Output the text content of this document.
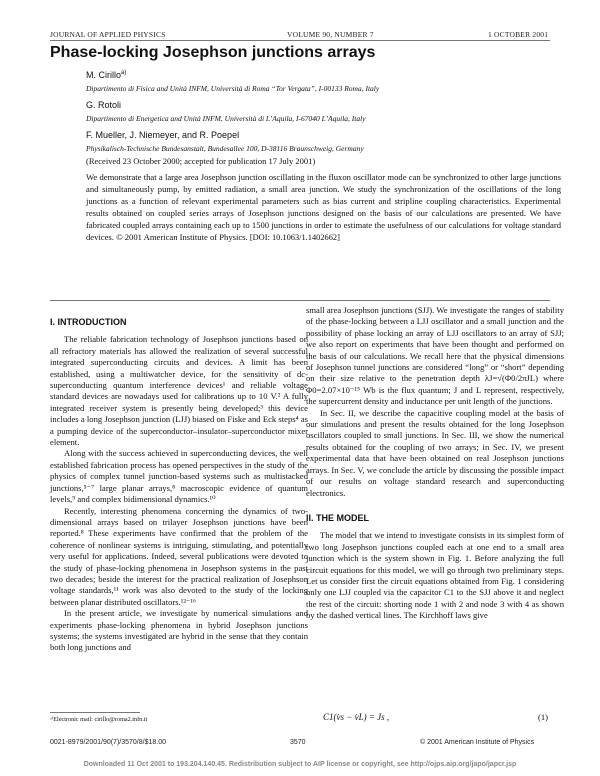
JOURNAL OF APPLIED PHYSICS	VOLUME 90, NUMBER 7	1 OCTOBER 2001
Phase-locking Josephson junctions arrays
M. Cirillo$^{a)}$
Dipartimento di Fisica and Unità INFM, Università di Roma “Tor Vergata”, I-00133 Roma, Italy
G. Rotoli
Dipartimento di Energetica and Unità INFM, Università di L’Aquila, I-67040 L’Aquila, Italy
F. Mueller, J. Niemeyer, and R. Poepel
Physikalisch-Technische Bundesanstalt, Bundesallee 100, D-38116 Braunschweig, Germany
(Received 23 October 2000; accepted for publication 17 July 2001)
We demonstrate that a large area Josephson junction oscillating in the fluxon oscillator mode can be synchronized to other large junctions and simultaneously pump, by emitted radiation, a small area junction. We study the synchronization of the oscillations of the long junctions as a function of relevant experimental parameters such as bias current and stripline coupling characteristics. Experimental results obtained on coupled series arrays of Josephson junctions designed on the basis of our calculations are presented. We have fabricated coupled arrays containing each up to 1500 junctions in order to estimate the usefulness of our calculations for voltage standard devices. © 2001 American Institute of Physics. [DOI: 10.1063/1.1402662]

I. INTRODUCTION

The reliable fabrication technology of Josephson junctions based on all refractory materials has allowed the realization of several successful integrated superconducting circuits and devices. A limit has been established, using a multiwatcher device, for the sensitivity of dc-superconducting quantum interference devices¹ and reliable voltage standard devices are nowadays used for calibrations up to 10 V.² A fully integrated receiver system is presently being developed;³ this device includes a long Josephson junction (LJJ) biased on Fiske and Eck steps⁴ as a pumping device of the superconductor–insulator–superconductor mixer element.

Along with the success achieved in superconducting devices, the well established fabrication process has opened perspectives in the study of the physics of complex tunnel junction-based systems such as multistacked junctions,⁵⁻⁷ large planar arrays,⁸ macroscopic evidence of quantum levels,⁹ and complex bidimensional dynamics.¹⁰

Recently, interesting phenomena concerning the dynamics of two-dimensional arrays based on trilayer Josephson junctions have been reported.⁸ These experiments have confirmed that the problem of the coherence of nonlinear systems is intriguing, stimulating, and potentially very useful for applications. Indeed, several publications were devoted to the study of phase-locking phenomena in Josephson systems in the past two decades; beside the interest for the practical realization of Josephson voltage standards,¹¹ work was also devoted to the study of the locking between planar distributed oscillators.¹²⁻¹⁶

In the present article, we investigate by numerical simulations and experiments phase-locking phenomena in hybrid Josephson junctions systems; the systems investigated are hybrid in the sense that they contain both long junctions and

ᵃ⁾Electronic mail: cirillo@roma2.infn.it

small area Josephson junctions (SJJ). We investigate the ranges of stability of the phase-locking between a LJJ oscillator and a small junction and the possibility of phase locking an array of LJJ oscillators to an array of SJJ; we also report on experiments that have been thought and performed on the basis of our calculations. We recall here that the physical dimensions of Josephson tunnel junctions are considered “long” or “short” depending on their size relative to the penetration depth λJ=√(Φ0/2πJL) where Φ0=2.07×10⁻¹⁵ Wb is the flux quantum; J and L represent, respectively, the supercurrent density and inductance per unit length of the junctions.

In Sec. II, we describe the capacitive coupling model at the basis of our simulations and present the results obtained for the long Josephson oscillators coupled to small junctions. In Sec. III, we show the numerical results obtained for the coupling of two arrays; in Sec. IV, we present experimental data that have been obtained on real Josephson junctions arrays. In Sec. V, we conclude the article by discussing the possible impact of our results on voltage standard research and superconducting electronics.

II. THE MODEL

The model that we intend to investigate consists in its simplest form of two long Josephson junctions coupled each at one end to a small area junction which is the system shown in Fig. 1. Before analyzing the full circuit equations for this model, we will go through two preliminary steps. Let us consider first the circuit equations obtained from Fig. 1 considering only one LJJ coupled via the capacitor C1 to the SJJ above it and neglect the rest of the circuit: shorting node 1 with 2 and node 3 with 4 as shown by the dashed vertical lines. The Kirchhoff laws give

C1(v̇s − v̇L) = Js ,	(1)
0021-8979/2001/90(7)/3570/8/$18.00	3570	© 2001 American Institute of Physics
Downloaded 11 Oct 2001 to 193.204.140.45. Redistribution subject to AIP license or copyright, see http://ojps.aip.org/japo/japcr.jsp
